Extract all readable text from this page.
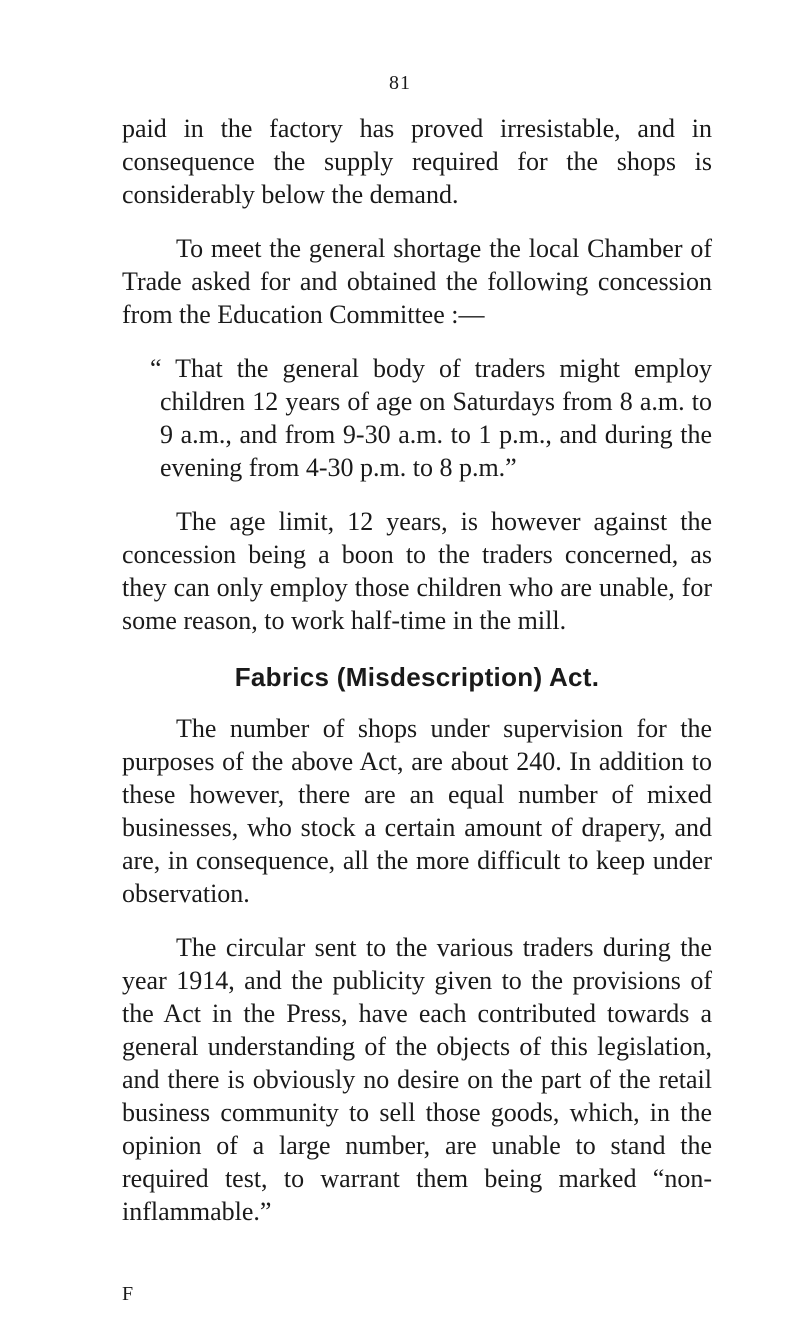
81

paid in the factory has proved irresistable, and in consequence the supply required for the shops is considerably below the demand.

To meet the general shortage the local Chamber of Trade asked for and obtained the following concession from the Education Committee :—

“ That the general body of traders might employ children 12 years of age on Saturdays from 8 a.m. to 9 a.m., and from 9-30 a.m. to 1 p.m., and during the evening from 4-30 p.m. to 8 p.m.”

The age limit, 12 years, is however against the concession being a boon to the traders concerned, as they can only employ those children who are unable, for some reason, to work half-time in the mill.

Fabrics (Misdescription) Act.

The number of shops under supervision for the purposes of the above Act, are about 240. In addition to these however, there are an equal number of mixed businesses, who stock a certain amount of drapery, and are, in consequence, all the more difficult to keep under observation.

The circular sent to the various traders during the year 1914, and the publicity given to the provisions of the Act in the Press, have each contributed towards a general understanding of the objects of this legislation, and there is obviously no desire on the part of the retail business community to sell those goods, which, in the opinion of a large number, are unable to stand the required test, to warrant them being marked “non-inflammable.”

F
